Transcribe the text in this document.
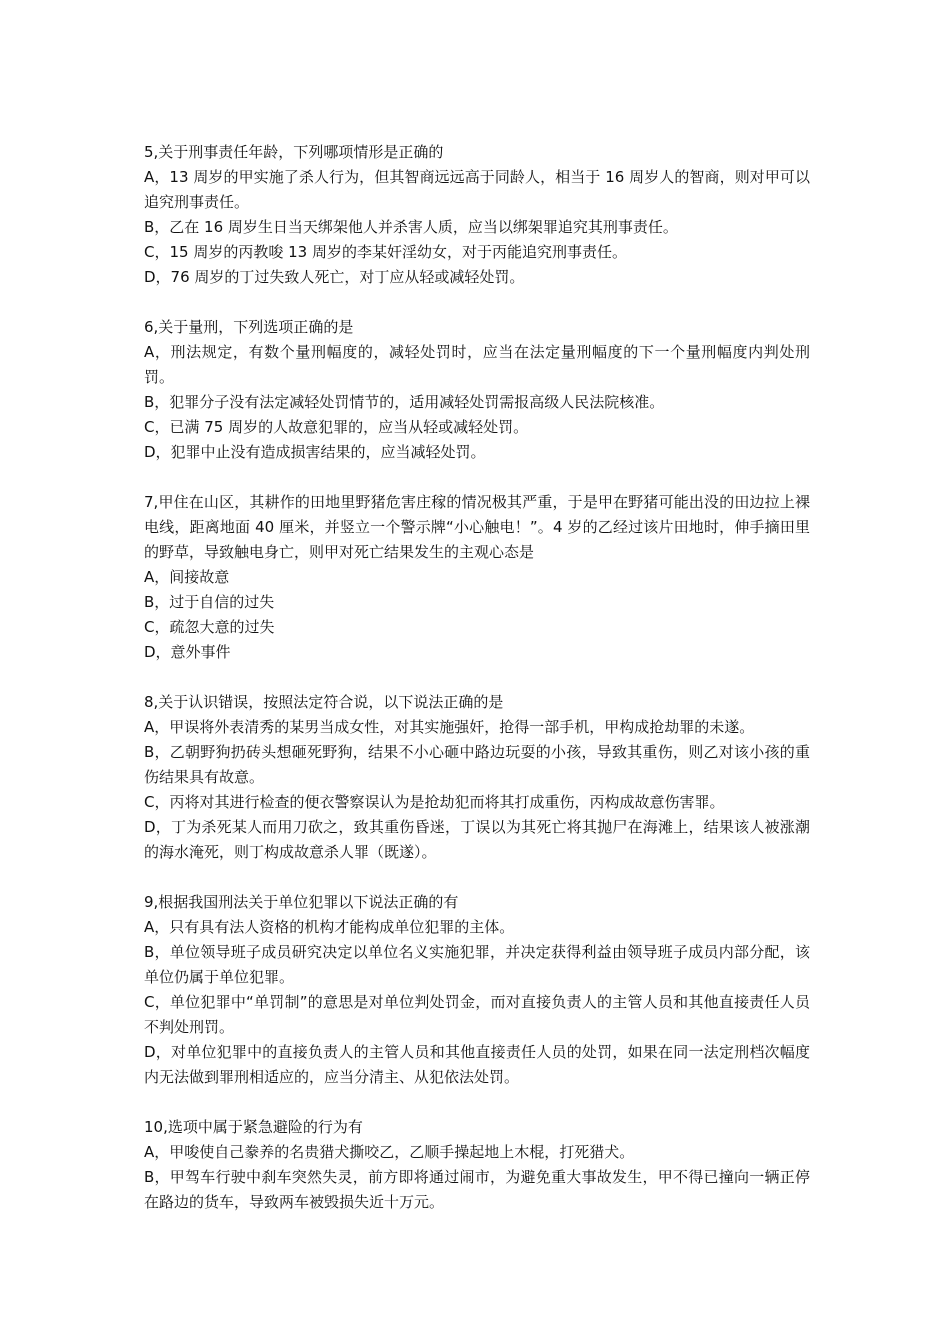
5,关于刑事责任年龄，下列哪项情形是正确的

A，13 周岁的甲实施了杀人行为，但其智商远远高于同龄人，相当于 16 周岁人的智商，则对甲可以追究刑事责任。

B，乙在 16 周岁生日当天绑架他人并杀害人质，应当以绑架罪追究其刑事责任。

C，15 周岁的丙教唆 13 周岁的李某奸淫幼女，对于丙能追究刑事责任。

D，76 周岁的丁过失致人死亡，对丁应从轻或减轻处罚。

6,关于量刑，下列选项正确的是

A，刑法规定，有数个量刑幅度的，减轻处罚时，应当在法定量刑幅度的下一个量刑幅度内判处刑罚。

B，犯罪分子没有法定减轻处罚情节的，适用减轻处罚需报高级人民法院核准。

C，已满 75 周岁的人故意犯罪的，应当从轻或减轻处罚。

D，犯罪中止没有造成损害结果的，应当减轻处罚。

7,甲住在山区，其耕作的田地里野猪危害庄稼的情况极其严重，于是甲在野猪可能出没的田边拉上裸电线，距离地面 40 厘米，并竖立一个警示牌“小心触电！”。4 岁的乙经过该片田地时，伸手摘田里的野草，导致触电身亡，则甲对死亡结果发生的主观心态是

A，间接故意

B，过于自信的过失

C，疏忽大意的过失

D，意外事件

8,关于认识错误，按照法定符合说，以下说法正确的是

A，甲误将外表清秀的某男当成女性，对其实施强奸，抢得一部手机，甲构成抢劫罪的未遂。

B，乙朝野狗扔砖头想砸死野狗，结果不小心砸中路边玩耍的小孩，导致其重伤，则乙对该小孩的重伤结果具有故意。

C，丙将对其进行检查的便衣警察误认为是抢劫犯而将其打成重伤，丙构成故意伤害罪。

D，丁为杀死某人而用刀砍之，致其重伤昏迷，丁误以为其死亡将其抛尸在海滩上，结果该人被涨潮的海水淹死，则丁构成故意杀人罪（既遂）。

9,根据我国刑法关于单位犯罪以下说法正确的有

A，只有具有法人资格的机构才能构成单位犯罪的主体。

B，单位领导班子成员研究决定以单位名义实施犯罪，并决定获得利益由领导班子成员内部分配，该单位仍属于单位犯罪。

C，单位犯罪中“单罚制”的意思是对单位判处罚金，而对直接负责人的主管人员和其他直接责任人员不判处刑罚。

D，对单位犯罪中的直接负责人的主管人员和其他直接责任人员的处罚，如果在同一法定刑档次幅度内无法做到罪刑相适应的，应当分清主、从犯依法处罚。

10,选项中属于紧急避险的行为有

A，甲唆使自己豢养的名贵猎犬撕咬乙，乙顺手操起地上木棍，打死猎犬。

B，甲驾车行驶中刹车突然失灵，前方即将通过闹市，为避免重大事故发生，甲不得已撞向一辆正停在路边的货车，导致两车被毁损失近十万元。
